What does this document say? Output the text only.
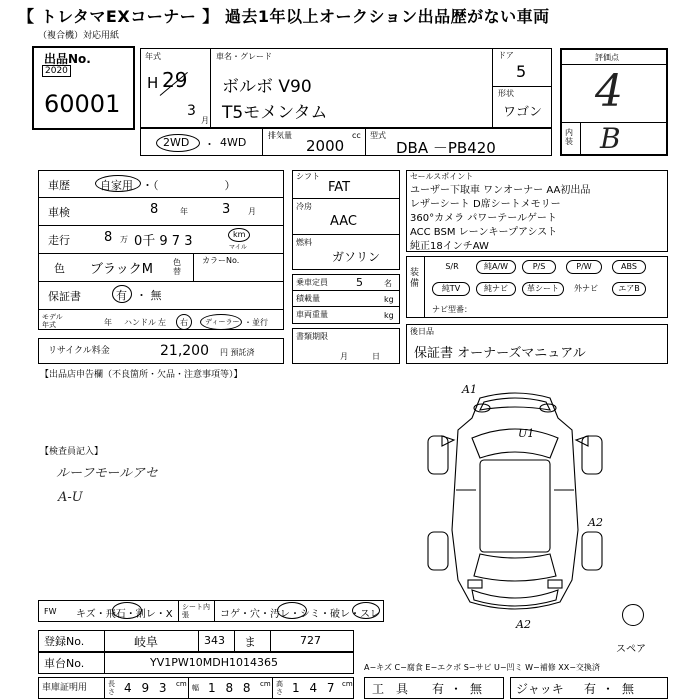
【 トレタマEXコーナー 】 過去1年以上オークション出品歴がない車両
（複合機）対応用紙
出品No.
2020
60001
年式
H 29
3
月
車名・グレード
ボルボ V90
T5モメンタム
ドア
5
形状
ワゴン
評価点
4
内装 B
2WD ・ 4WD
排気量	cc
2000
型式
DBA －PB420
車歴	自家用 ・（　　　　　　）
車検	8	年	3 月
走行	8 万 0千 9 7 3	km
マイル
色 ブラックM	色替
カラーNo.
保証書	有 ・ 無
モデル年式	年 ハンドル 左 右 ディーラー ・並行
リサイクル料金	21,200 円 預託済
シフト
FAT
冷房
AAC
燃料
ガソリン
乗車定員	5	名
積載量	kg
車両重量	kg
書類期限
月　　　日
セールスポイント
ユーザー下取車 ワンオーナー AA初出品
レザーシート D席シートメモリー
360°カメラ パワーテールゲート
ACC BSM レーンキープアシスト
純正18インチAW
装備
S/R	純A/W	P/S	P/W	ABS
純TV	純ナビ	革シート	外ナビ	エアB
ナビ型番：
後日品
保証書 オーナーズマニュアル
【出品店申告欄（不良箇所・欠品・注意事項等）】
【検査員記入】
ルーフモールアセ
A-U
A1
U1
A2
A2
スペア
FW キズ・飛石・割レ・X
シート内張	コゲ・穴・汚レ・シミ・破レ・スレ
登録No.	岐阜	343 ま	727
車台No.	YV1PW10MDH1014365	A−キズ C−腐食 E−エクボ S−サビ U−凹ミ W−補修 XX−交換済
車庫証明用	長さ 4 9 3 cm 幅 1 8 8 cm 高さ 1 4 7 cm 工　具 有 ・ 無	ジャッキ 有 ・ 無
